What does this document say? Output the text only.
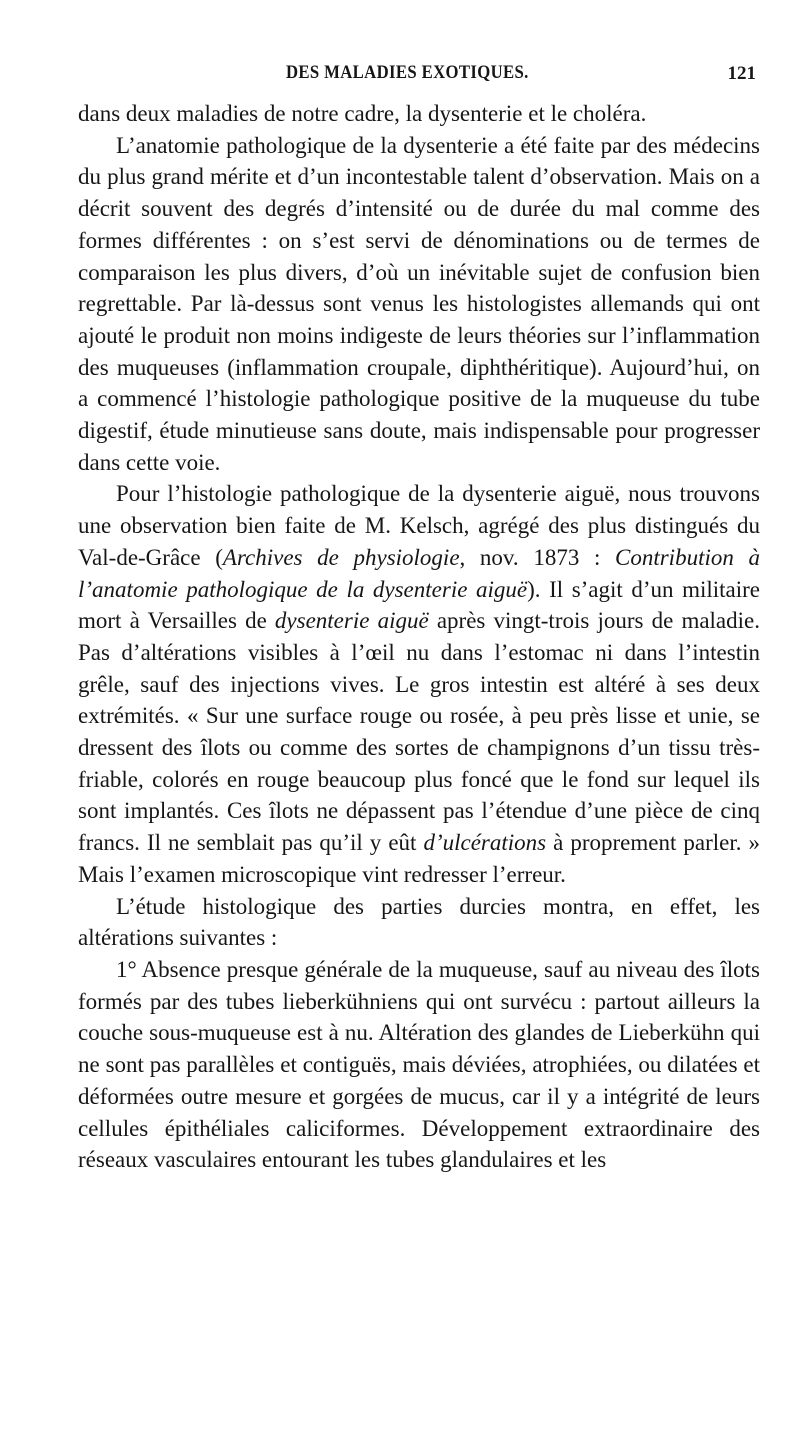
DES MALADIES EXOTIQUES.	121

dans deux maladies de notre cadre, la dysenterie et le choléra.

L’anatomie pathologique de la dysenterie a été faite par des médecins du plus grand mérite et d’un incontestable talent d’observation. Mais on a décrit souvent des degrés d’intensité ou de durée du mal comme des formes différentes : on s’est servi de dénominations ou de termes de comparaison les plus divers, d’où un inévitable sujet de confusion bien regrettable. Par là-dessus sont venus les histologistes allemands qui ont ajouté le produit non moins indigeste de leurs théories sur l’inflammation des muqueuses (inflammation croupale, diphthéritique). Aujourd’hui, on a commencé l’histologie pathologique positive de la muqueuse du tube digestif, étude minutieuse sans doute, mais indispensable pour progresser dans cette voie.

Pour l’histologie pathologique de la dysenterie aiguë, nous trouvons une observation bien faite de M. Kelsch, agrégé des plus distingués du Val-de-Grâce (Archives de physiologie, nov. 1873 : Contribution à l’anatomie pathologique de la dysenterie aiguë). Il s’agit d’un militaire mort à Versailles de dysenterie aiguë après vingt-trois jours de maladie. Pas d’altérations visibles à l’œil nu dans l’estomac ni dans l’intestin grêle, sauf des injections vives. Le gros intestin est altéré à ses deux extrémités. « Sur une surface rouge ou rosée, à peu près lisse et unie, se dressent des îlots ou comme des sortes de champignons d’un tissu très-friable, colorés en rouge beaucoup plus foncé que le fond sur lequel ils sont implantés. Ces îlots ne dépassent pas l’étendue d’une pièce de cinq francs. Il ne semblait pas qu’il y eût d’ulcérations à proprement parler. » Mais l’examen microscopique vint redresser l’erreur.

L’étude histologique des parties durcies montra, en effet, les altérations suivantes :

1° Absence presque générale de la muqueuse, sauf au niveau des îlots formés par des tubes lieberkühniens qui ont survécu : partout ailleurs la couche sous-muqueuse est à nu. Altération des glandes de Lieberkühn qui ne sont pas parallèles et contiguës, mais déviées, atrophiées, ou dilatées et déformées outre mesure et gorgées de mucus, car il y a intégrité de leurs cellules épithéliales caliciformes. Développement extraordinaire des réseaux vasculaires entourant les tubes glandulaires et les
